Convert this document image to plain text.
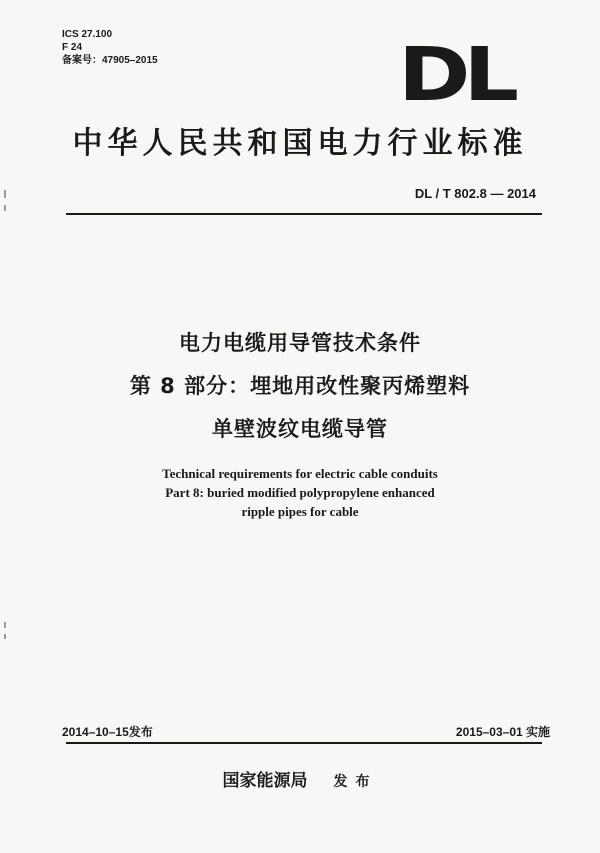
ICS 27.100
F 24
备案号：47905–2015	DL
中华人民共和国电力行业标准
DL / T 802.8 — 2014
电力电缆用导管技术条件
第 8 部分：埋地用改性聚丙烯塑料
单壁波纹电缆导管
Technical requirements for electric cable conduits
Part 8: buried modified polypropylene enhanced
ripple pipes for cable
2014–10–15发布	2015–03–01 实施
国家能源局 发布
